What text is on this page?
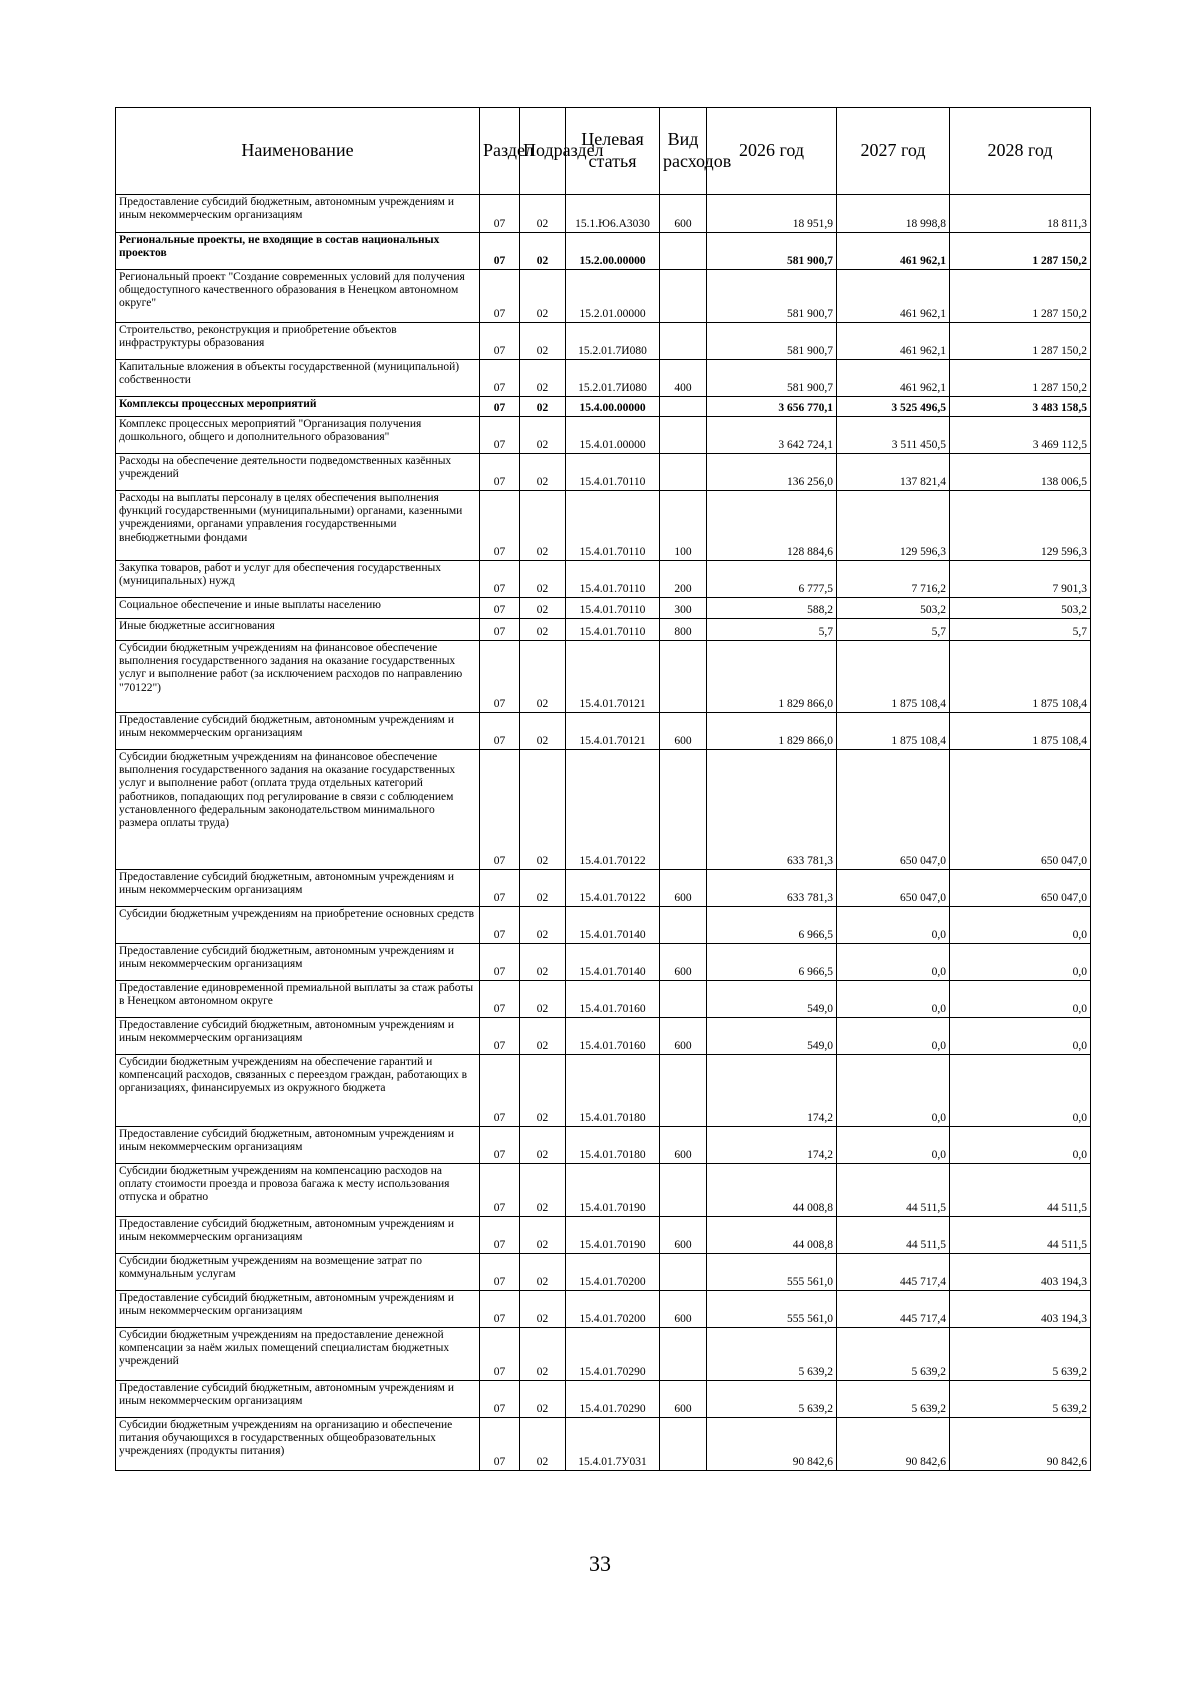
Наименование	Раздел	Подраздел	Целевая статья	Вид расходов	2026 год	2027 год	2028 год
Предоставление субсидий бюджетным, автономным учреждениям и иным некоммерческим организациям	07	02	15.1.Ю6.А3030	600	18 951,9	18 998,8	18 811,3
Региональные проекты, не входящие в состав национальных проектов	07	02	15.2.00.00000		581 900,7	461 962,1	1 287 150,2
Региональный проект "Создание современных условий для получения общедоступного качественного образования в Ненецком автономном округе"	07	02	15.2.01.00000		581 900,7	461 962,1	1 287 150,2
Строительство, реконструкция и приобретение объектов инфраструктуры образования	07	02	15.2.01.7И080		581 900,7	461 962,1	1 287 150,2
Капитальные вложения в объекты государственной (муниципальной) собственности	07	02	15.2.01.7И080	400	581 900,7	461 962,1	1 287 150,2
Комплексы процессных мероприятий	07	02	15.4.00.00000		3 656 770,1	3 525 496,5	3 483 158,5
Комплекс процессных мероприятий "Организация получения дошкольного, общего и дополнительного образования"	07	02	15.4.01.00000		3 642 724,1	3 511 450,5	3 469 112,5
Расходы на обеспечение деятельности подведомственных казённых учреждений	07	02	15.4.01.70110		136 256,0	137 821,4	138 006,5
Расходы на выплаты персоналу в целях обеспечения выполнения функций государственными (муниципальными) органами, казенными учреждениями, органами управления государственными внебюджетными фондами	07	02	15.4.01.70110	100	128 884,6	129 596,3	129 596,3
Закупка товаров, работ и услуг для обеспечения государственных (муниципальных) нужд	07	02	15.4.01.70110	200	6 777,5	7 716,2	7 901,3
Социальное обеспечение и иные выплаты населению	07	02	15.4.01.70110	300	588,2	503,2	503,2
Иные бюджетные ассигнования	07	02	15.4.01.70110	800	5,7	5,7	5,7
Субсидии бюджетным учреждениям на финансовое обеспечение выполнения государственного задания на оказание государственных услуг и выполнение работ (за исключением расходов по направлению "70122")	07	02	15.4.01.70121		1 829 866,0	1 875 108,4	1 875 108,4
Предоставление субсидий бюджетным, автономным учреждениям и иным некоммерческим организациям	07	02	15.4.01.70121	600	1 829 866,0	1 875 108,4	1 875 108,4
Субсидии бюджетным учреждениям на финансовое обеспечение выполнения государственного задания на оказание государственных услуг и выполнение работ (оплата труда отдельных категорий работников, попадающих под регулирование в связи с соблюдением установленного федеральным законодательством минимального размера оплаты труда)	07	02	15.4.01.70122		633 781,3	650 047,0	650 047,0
Предоставление субсидий бюджетным, автономным учреждениям и иным некоммерческим организациям	07	02	15.4.01.70122	600	633 781,3	650 047,0	650 047,0
Субсидии бюджетным учреждениям на приобретение основных средств	07	02	15.4.01.70140		6 966,5	0,0	0,0
Предоставление субсидий бюджетным, автономным учреждениям и иным некоммерческим организациям	07	02	15.4.01.70140	600	6 966,5	0,0	0,0
Предоставление единовременной премиальной выплаты за стаж работы в Ненецком автономном округе	07	02	15.4.01.70160		549,0	0,0	0,0
Предоставление субсидий бюджетным, автономным учреждениям и иным некоммерческим организациям	07	02	15.4.01.70160	600	549,0	0,0	0,0
Субсидии бюджетным учреждениям на обеспечение гарантий и компенсаций расходов, связанных с переездом граждан, работающих в организациях, финансируемых из окружного бюджета	07	02	15.4.01.70180		174,2	0,0	0,0
Предоставление субсидий бюджетным, автономным учреждениям и иным некоммерческим организациям	07	02	15.4.01.70180	600	174,2	0,0	0,0
Субсидии бюджетным учреждениям на компенсацию расходов на оплату стоимости проезда и провоза багажа к месту использования отпуска и обратно	07	02	15.4.01.70190		44 008,8	44 511,5	44 511,5
Предоставление субсидий бюджетным, автономным учреждениям и иным некоммерческим организациям	07	02	15.4.01.70190	600	44 008,8	44 511,5	44 511,5
Субсидии бюджетным учреждениям на возмещение затрат по коммунальным услугам	07	02	15.4.01.70200		555 561,0	445 717,4	403 194,3
Предоставление субсидий бюджетным, автономным учреждениям и иным некоммерческим организациям	07	02	15.4.01.70200	600	555 561,0	445 717,4	403 194,3
Субсидии бюджетным учреждениям на предоставление денежной компенсации за наём жилых помещений специалистам бюджетных учреждений	07	02	15.4.01.70290		5 639,2	5 639,2	5 639,2
Предоставление субсидий бюджетным, автономным учреждениям и иным некоммерческим организациям	07	02	15.4.01.70290	600	5 639,2	5 639,2	5 639,2
Субсидии бюджетным учреждениям на организацию и обеспечение питания обучающихся в государственных общеобразовательных учреждениях (продукты питания)	07	02	15.4.01.7У031		90 842,6	90 842,6	90 842,6
33
